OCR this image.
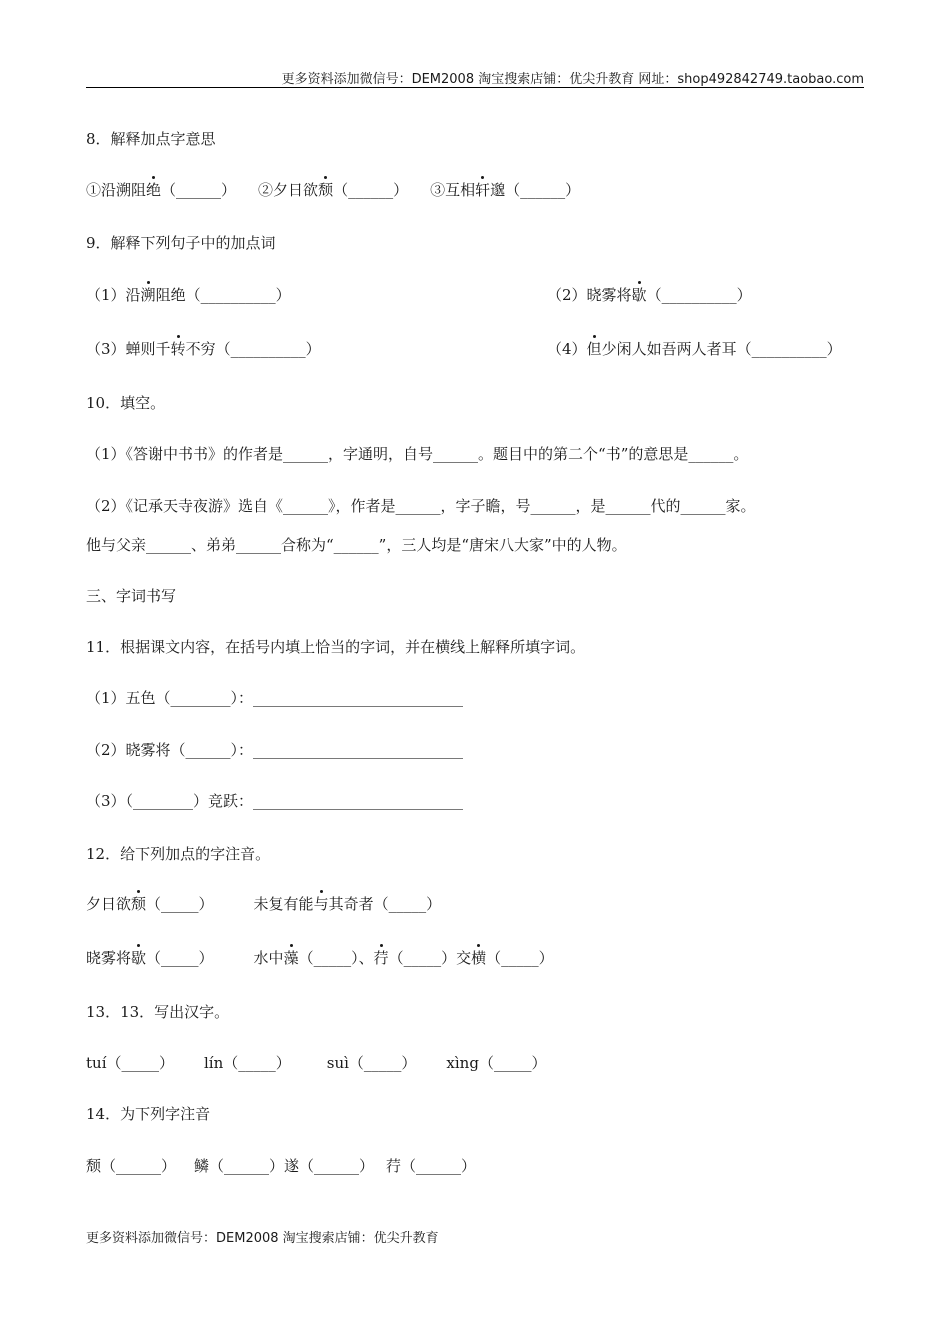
更多资料添加微信号：DEM2008 淘宝搜索店铺：优尖升教育 网址：shop492842749.taobao.com
8．解释加点字意思
①沿溯阻绝（______） ②夕日欲颓（______） ③互相轩邈（______）
9．解释下列句子中的加点词
（1）沿溯阻绝（__________）	（2）晓雾将歇（__________）
（3）蝉则千转不穷（__________）	（4）但少闲人如吾两人者耳（__________）
10．填空。
（1）《答谢中书书》的作者是______，字通明，自号______。题目中的第二个“书”的意思是______。
（2）《记承天寺夜游》选自《______》，作者是______，字子瞻，号______，是______代的______家。
他与父亲______、弟弟______合称为“______”，三人均是“唐宋八大家”中的人物。
三、字词书写
11．根据课文内容，在括号内填上恰当的字词，并在横线上解释所填字词。
（1）五色（________）：____________________________
（2）晓雾将（______）：____________________________
（3）（________）竞跃：____________________________
12．给下列加点的字注音。
夕日欲颓（_____）	未复有能与其奇者（_____）
晓雾将歇（_____）	水中藻（_____）、荇（_____）交横（_____）
13．13．写出汉字。
tuí（_____） lín（_____） suì（_____） xìng（_____）
14．为下列字注音
颓（______） 鳞（______）遂（______） 荇（______）
更多资料添加微信号：DEM2008 淘宝搜索店铺：优尖升教育
